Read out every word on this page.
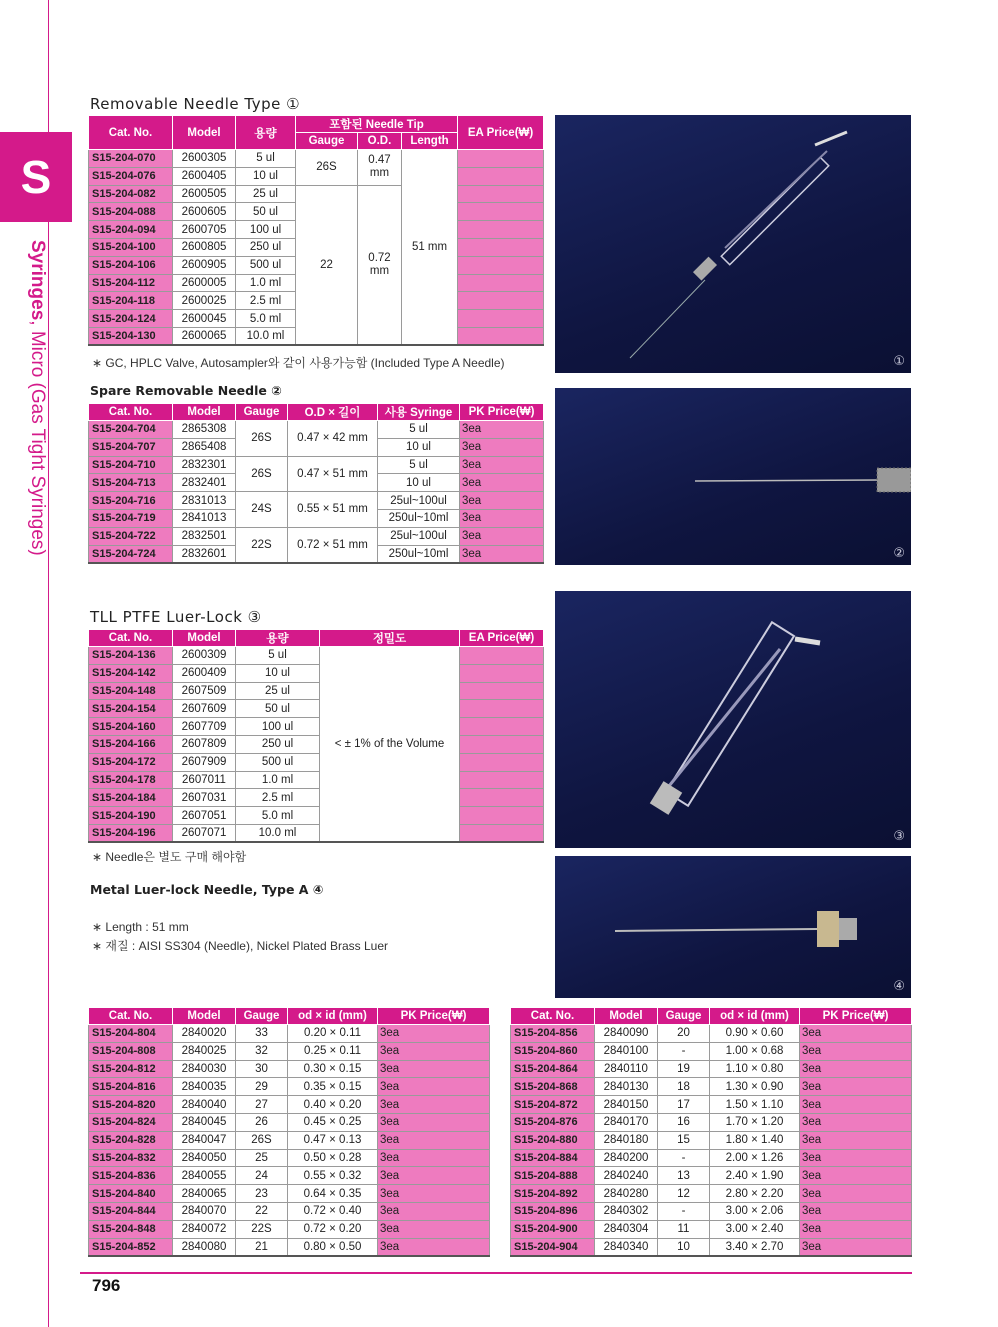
S
Syringes, Micro (Gas Tight Syringes)
Removable Needle Type ①
Cat. No.	Model	용량	포함된 Needle Tip			EA Price(₩)
			Gauge	O.D.	Length	
S15-204-070	2600305	5 ul	26S	0.47 mm	51 mm	
S15-204-076	2600405	10 ul				
S15-204-082	2600505	25 ul	22	0.72 mm		
S15-204-088	2600605	50 ul				
S15-204-094	2600705	100 ul				
S15-204-100	2600805	250 ul				
S15-204-106	2600905	500 ul				
S15-204-112	2600005	1.0 ml				
S15-204-118	2600025	2.5 ml				
S15-204-124	2600045	5.0 ml				
S15-204-130	2600065	10.0 ml				
∗ GC, HPLC Valve, Autosampler와 같이 사용가능함 (Included Type A Needle)	①
Spare Removable Needle ②
Cat. No.	Model	Gauge	O.D × 길이	사용 Syringe	PK Price(₩)
S15-204-704	2865308	26S	0.47 × 42 mm	5 ul	3ea
S15-204-707	2865408			10 ul	3ea
S15-204-710	2832301	26S	0.47 × 51 mm	5 ul	3ea
S15-204-713	2832401			10 ul	3ea
S15-204-716	2831013	24S	0.55 × 51 mm	25ul~100ul	3ea
S15-204-719	2841013			250ul~10ml	3ea
S15-204-722	2832501	22S	0.72 × 51 mm	25ul~100ul	3ea
S15-204-724	2832601			250ul~10ml	3ea	②
TLL PTFE Luer-Lock ③
Cat. No.	Model	용량	정밀도	EA Price(₩)
S15-204-136	2600309	5 ul	< ± 1% of the Volume	
S15-204-142	2600409	10 ul		
S15-204-148	2607509	25 ul		
S15-204-154	2607609	50 ul		
S15-204-160	2607709	100 ul		
S15-204-166	2607809	250 ul		
S15-204-172	2607909	500 ul		
S15-204-178	2607011	1.0 ml		
S15-204-184	2607031	2.5 ml		
S15-204-190	2607051	5.0 ml		
S15-204-196	2607071	10.0 ml		
∗ Needle은 별도 구매 해야함
③
Metal Luer-lock Needle, Type A ④
∗ Length : 51 mm
∗ 재질 : AISI SS304 (Needle), Nickel Plated Brass Luer
④
Cat. No.	Model	Gauge	od × id (mm)	PK Price(₩)
S15-204-804	2840020	33	0.20 × 0.11	3ea
S15-204-808	2840025	32	0.25 × 0.11	3ea
S15-204-812	2840030	30	0.30 × 0.15	3ea
S15-204-816	2840035	29	0.35 × 0.15	3ea
S15-204-820	2840040	27	0.40 × 0.20	3ea
S15-204-824	2840045	26	0.45 × 0.25	3ea
S15-204-828	2840047	26S	0.47 × 0.13	3ea
S15-204-832	2840050	25	0.50 × 0.28	3ea
S15-204-836	2840055	24	0.55 × 0.32	3ea
S15-204-840	2840065	23	0.64 × 0.35	3ea
S15-204-844	2840070	22	0.72 × 0.40	3ea
S15-204-848	2840072	22S	0.72 × 0.20	3ea
S15-204-852	2840080	21	0.80 × 0.50	3ea
Cat. No.	Model	Gauge	od × id (mm)	PK Price(₩)
S15-204-856	2840090	20	0.90 × 0.60	3ea
S15-204-860	2840100	-	1.00 × 0.68	3ea
S15-204-864	2840110	19	1.10 × 0.80	3ea
S15-204-868	2840130	18	1.30 × 0.90	3ea
S15-204-872	2840150	17	1.50 × 1.10	3ea
S15-204-876	2840170	16	1.70 × 1.20	3ea
S15-204-880	2840180	15	1.80 × 1.40	3ea
S15-204-884	2840200	-	2.00 × 1.26	3ea
S15-204-888	2840240	13	2.40 × 1.90	3ea
S15-204-892	2840280	12	2.80 × 2.20	3ea
S15-204-896	2840302	-	3.00 × 2.06	3ea
S15-204-900	2840304	11	3.00 × 2.40	3ea
S15-204-904	2840340	10	3.40 × 2.70	3ea
796
